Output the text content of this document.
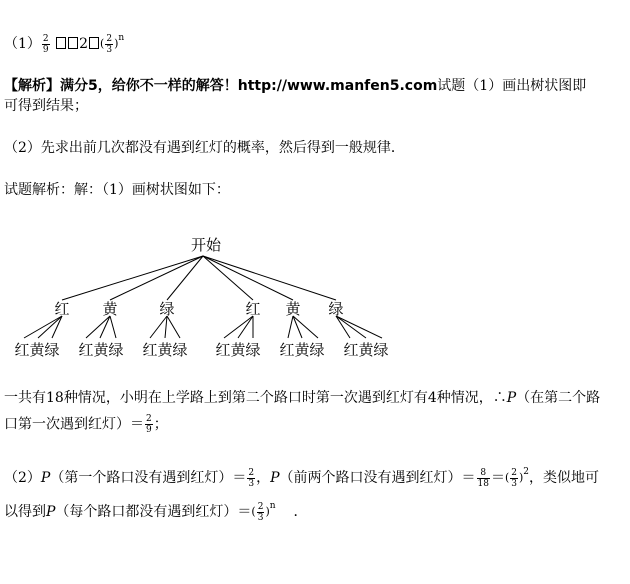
$(1) \frac{2}{9} 2$ ( $\frac{2}{3} )^n$
【解析】满分5，给你不一样的解答！http://www.manfen5.com试题（1）画出树状图即
可得到结果；
（2）先求出前几次都没有遇到红灯的概率，然后得到一般规律．
试题解析：解：（1）画树状图如下：
开始
红 黄	绿	红 黄 绿
红黄绿 红黄绿 红黄绿 红黄绿 红黄绿 红黄绿
一共有18种情况，小明在上学路上到第二个路口时第一次遇到红灯有4种情况，∴P（在第二个路
口第一次遇到红灯）＝ $\frac{2}{9}$ ；
（2）P（第一个路口没有遇到红灯）＝ $\frac{2}{3}$ ，P（前两个路口没有遇到红灯）＝ $\frac{8}{18}$ ＝( $\frac{2}{3} )^2$，类似地可
以得到P（每个路口都没有遇到红灯）＝( $\frac{2}{3} )^n$ ．
